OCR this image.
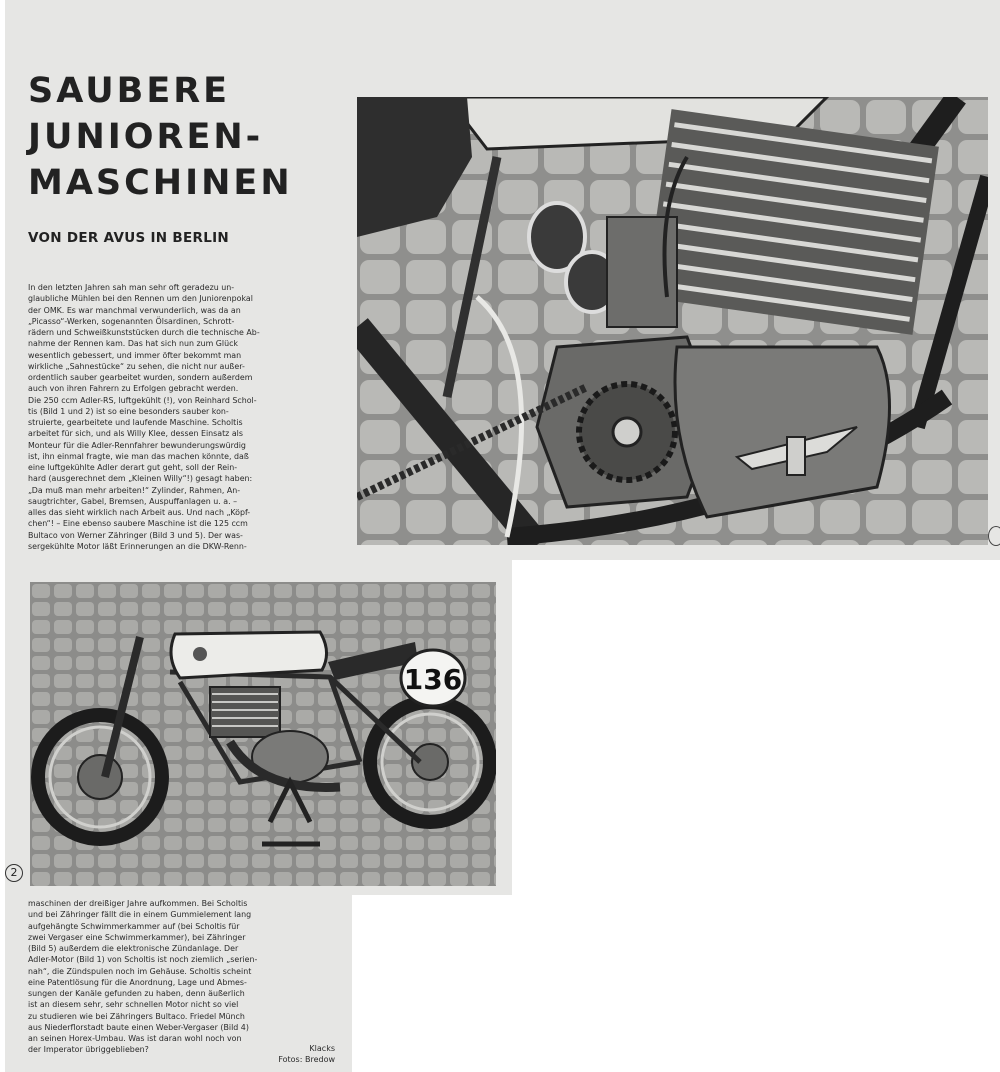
SAUBERE
JUNIOREN-
MASCHINEN
VON DER AVUS IN BERLIN

In den letzten Jahren sah man sehr oft geradezu un-

glaubliche Mühlen bei den Rennen um den Juniorenpokal

der OMK. Es war manchmal verwunderlich, was da an

„Picasso“-Werken, sogenannten Ölsardinen, Schrott-

rädern und Schweißkunststücken durch die technische Ab-

nahme der Rennen kam. Das hat sich nun zum Glück

wesentlich gebessert, und immer öfter bekommt man

wirkliche „Sahnestücke“ zu sehen, die nicht nur außer-

ordentlich sauber gearbeitet wurden, sondern außerdem

auch von ihren Fahrern zu Erfolgen gebracht werden.

Die 250 ccm Adler-RS, luftgekühlt (!), von Reinhard Schol-

tis (Bild 1 und 2) ist so eine besonders sauber kon-

struierte, gearbeitete und laufende Maschine. Scholtis

arbeitet für sich, und als Willy Klee, dessen Einsatz als

Monteur für die Adler-Rennfahrer bewunderungswürdig

ist, ihn einmal fragte, wie man das machen könnte, daß

eine luftgekühlte Adler derart gut geht, soll der Rein-

hard (ausgerechnet dem „Kleinen Willy“!) gesagt haben:

„Da muß man mehr arbeiten!“ Zylinder, Rahmen, An-

saugtrichter, Gabel, Bremsen, Auspuffanlagen u. a. –

alles das sieht wirklich nach Arbeit aus. Und nach „Köpf-

chen“! – Eine ebenso saubere Maschine ist die 125 ccm

Bultaco von Werner Zähringer (Bild 3 und 5). Der was-

sergekühlte Motor läßt Erinnerungen an die DKW-Renn-

136
2

maschinen der dreißiger Jahre aufkommen. Bei Scholtis

und bei Zähringer fällt die in einem Gummielement lang

aufgehängte Schwimmerkammer auf (bei Scholtis für

zwei Vergaser eine Schwimmerkammer), bei Zähringer

(Bild 5) außerdem die elektronische Zündanlage. Der

Adler-Motor (Bild 1) von Scholtis ist noch ziemlich „serien-

nah“, die Zündspulen noch im Gehäuse. Scholtis scheint

eine Patentlösung für die Anordnung, Lage und Abmes-

sungen der Kanäle gefunden zu haben, denn äußerlich

ist an diesem sehr, sehr schnellen Motor nicht so viel

zu studieren wie bei Zähringers Bultaco. Friedel Münch

aus Niederflorstadt baute einen Weber-Vergaser (Bild 4)

an seinen Horex-Umbau. Was ist daran wohl noch von

der Imperator übriggeblieben?	Klacks
Fotos: Bredow
